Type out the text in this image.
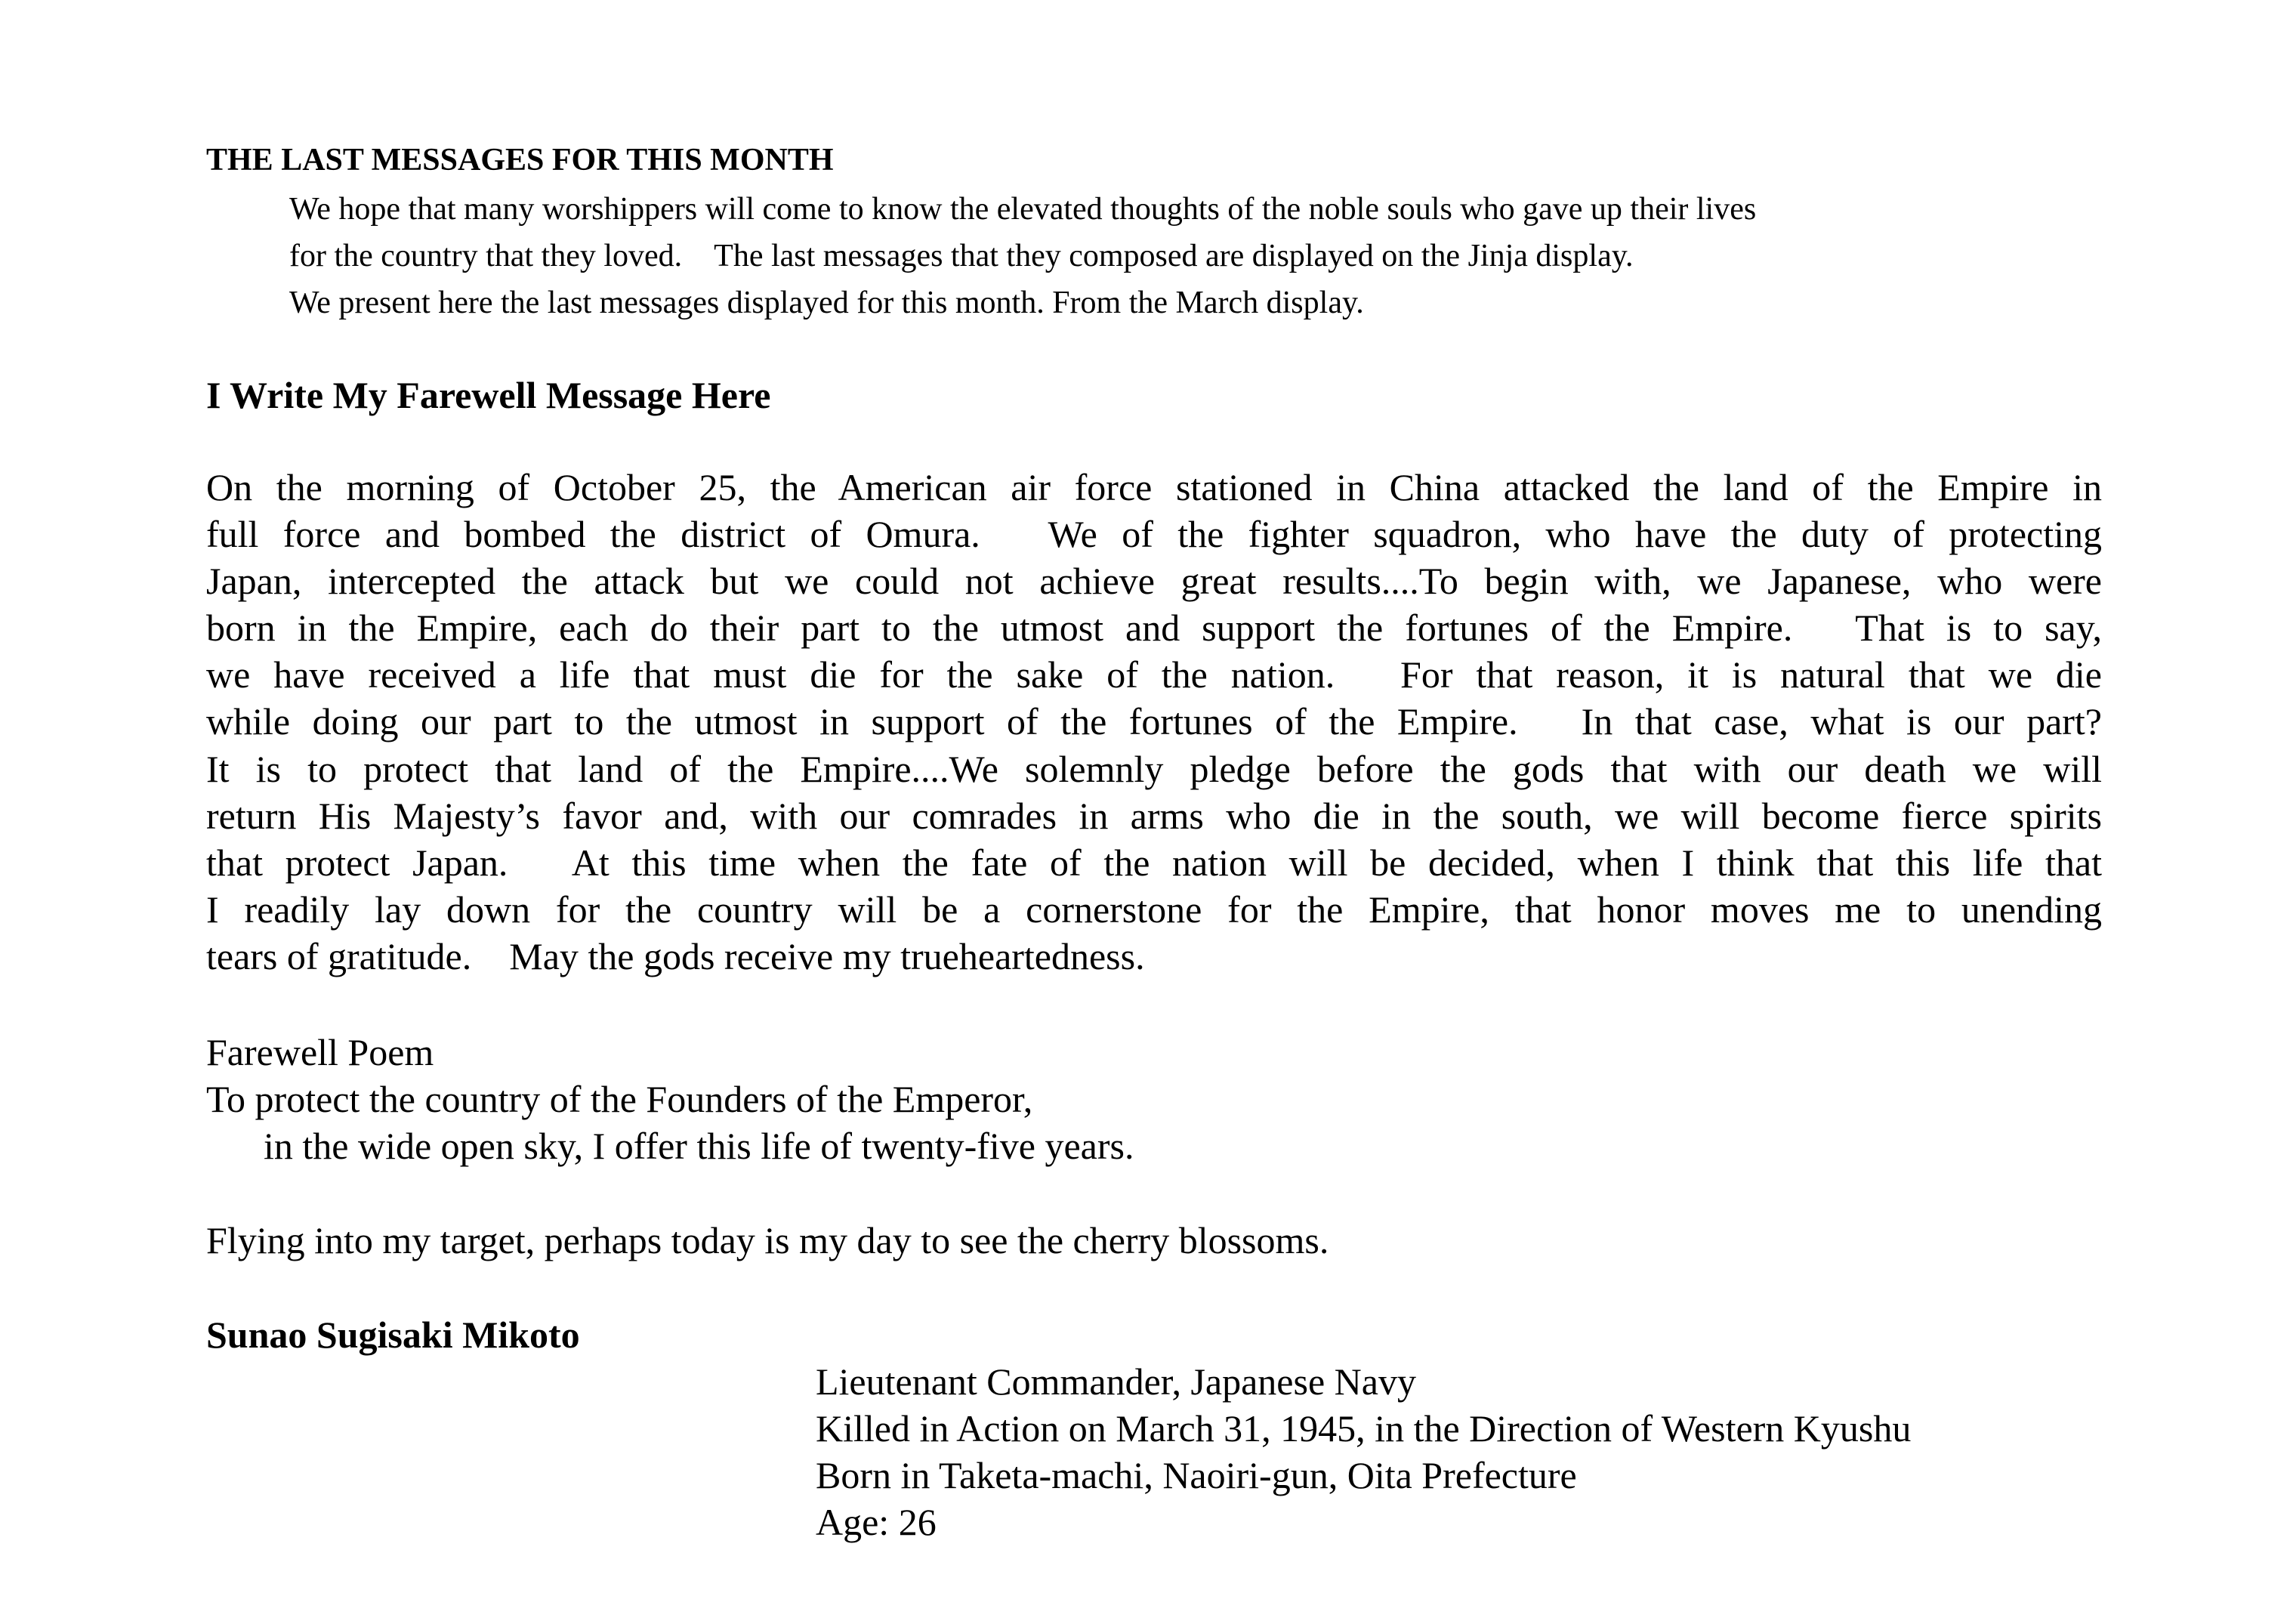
THE LAST MESSAGES FOR THIS MONTH
We hope that many worshippers will come to know the elevated thoughts of the noble souls who gave up their lives
for the country that they loved.　The last messages that they composed are displayed on the Jinja display.
We present here the last messages displayed for this month. From the March display.
I Write My Farewell Message Here
On the morning of October 25, the American air force stationed in China attacked the land of the Empire in
full force and bombed the district of Omura.　We of the fighter squadron, who have the duty of protecting
Japan, intercepted the attack but we could not achieve great results....To begin with, we Japanese, who were
born in the Empire, each do their part to the utmost and support the fortunes of the Empire.　That is to say,
we have received a life that must die for the sake of the nation.　For that reason, it is natural that we die
while doing our part to the utmost in support of the fortunes of the Empire.　In that case, what is our part?
It is to protect that land of the Empire....We solemnly pledge before the gods that with our death we will
return His Majesty’s favor and, with our comrades in arms who die in the south, we will become fierce spirits
that protect Japan.　At this time when the fate of the nation will be decided, when I think that this life that
I readily lay down for the country will be a cornerstone for the Empire, that honor moves me to unending
tears of gratitude.　May the gods receive my trueheartedness.
Farewell Poem
To protect the country of the Founders of the Emperor,
in the wide open sky, I offer this life of twenty-five years.
Flying into my target, perhaps today is my day to see the cherry blossoms.
Sunao Sugisaki Mikoto
Lieutenant Commander, Japanese Navy
Killed in Action on March 31, 1945, in the Direction of Western Kyushu
Born in Taketa-machi, Naoiri-gun, Oita Prefecture
Age: 26
